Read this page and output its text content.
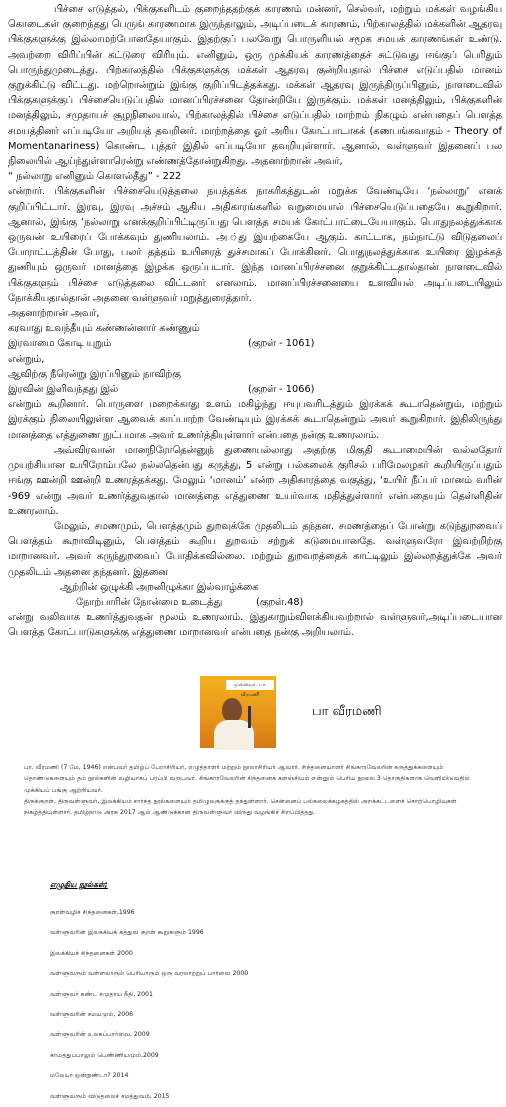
பிச்சை எடுத்தல், பிக்குகளிடம் குறைந்ததற்குக் காரணம் மன்னர், செல்வர், மற்றும் மக்கள் வழங்கிய கொடைகள் குறைந்தது பெருங் காரணமாக இருந்தாலும், அடிப்படைக் காரணம், பிற்காலத்தில் மக்களின் ஆதரவு பிக்குகளுக்கு இல்லாமற்போனதேயாகும். இதற்குப் பலவேறு பொருளியல் சமூக சமயக் காரணங்கள் உண்டு. அவற்றை விரிப்பின் கட்டுரை விரியும். எனினும், ஒரு முக்கியக் காரணத்தைச் சுட்டுவது ஈங்குப் பெரிதும் பொருந்துமுடைத்து. பிற்காலத்தில் பிக்குகளுக்கு மக்கள் ஆதரவு குன்றியதால் பிச்சை எடுப்பதில் மானம் குறுக்கிட்டு விட்டது. மற்றொன்றும் இங்கு குறிப்பிடத்தக்கது. மக்கள் ஆதரவு இருந்திருப்பினும், நாளடைவில் பிக்குகளுக்குப் பிச்சையெடுப்பதில் மானப்பிரச்சனை தோன்றியே இருக்கும். மக்கள் மனத்திலும், பிக்குகளின் மனத்திலும், சமுதாயச் சூழநிலையால், பிற்காலத்தில் பிச்சை எடுப்பதில் மாற்றம் நிகழும் என்பதைப் பௌத்த சமயத்தினர் எப்படியோ அறியத் தவறினர். மாற்றத்தை ஓர் அரிய கோட்பாடாகக் (கணபங்கவாதம் - Theory of Momentanariness) கொண்ட புத்தர் இதில் எப்படியோ தவறியுள்ளார். ஆனால், வள்ளுவர் இதனைப் பல நிலையில் ஆய்ந்துள்ளாரென்று எண்ணத்தோன்றுகிறது. அதனாற்றான் அவர்,

“ நல்லாறு எனினும் கொளல்தீது” - 222

என்றார். பிக்குகளின் பிச்சையெடுத்தலை நயத்தக்க நாகரிகத்துடன் மறுக்க வேண்டியே ‘நல்லாறு’ எனக் குறிப்பிட்டார். இரவு, இரவு அச்சம் ஆகிய அதிகாரங்களில் வறுமையால் பிச்சையெடுப்பதையே கூறுகிறார். ஆனால், இங்கு ‘நல்லாறு எனக்குறிப்பிட்டிருப்பது பௌத்த சமயக் கோட்பாட்டையேயாகும். பொதுநலத்துக்காக ஒருவன் உயிரைப் போக்கவும் துணியலாம். அ.்து இயற்கையே ஆகும். காட்டாக, நம்நாட்டு விடுதலைப் போராட்டத்தின் போது, பலர் தத்தம் உயிரைத் துச்சமாகப் போக்கினர். பொதுநலத்துக்காக உயிரை இழக்கத் துணியும் ஒருவர் மானத்தை இழக்க ஒருப்படார். இந்த மானப்பிரச்சனை குறுக்கிட்டதால்தான் நாளடைவில் பிக்குகளும் பிச்சை எடுத்தலை விட்டனர் எனலாம். மானப்பிரச்சனையை உளவியல் அடிப்படையிலும் நோக்கியதால்தான் அதனை வள்ளுவர் மறுத்துரைத்தார்.

அதனாற்றான் அவர்,

கரவாது உவந்தீயும் கண்ணன்னார் கண்ணும்

இரவாமை கோடி யுறும்	(குறள் - 1061)

என்றும்,

ஆவிற்கு நீரென்று இரப்பினும் நாவிற்கு

இரவின் இளிவந்தது இல்	(குறள் - 1066)

என்றும் கூறினார். பொருளை மறைக்காது உளம் மகிழ்ந்து ஈயுபவரிடத்தும் இரக்கக் கூடாதென்றும், மற்றும் இரக்கும் நிலையிலுள்ள ஆவைக் காப்பாற்ற வேண்டியும் இரக்கக் கூடாதென்றும் அவர் கூறுகிறார். இதிலிருந்து மானத்தை எத்துணை நுட்பமாக அவர் உணர்த்தியுள்ளார் என்பதை நன்கு உணரலாம்.

அவ்விரவான் மானநிரோதென்னுந் துணையல்லாது அதற்கு மிகுதி கூடாமையின் வல்லதோர் முயற்சியான உயிரோம்பலே நல்லதென்பது கருத்து, 5 என்று பல்கலைக் குரிசல் பரிமேலழகர் கூறியிருப்பதும் ஈங்கு ஊன்றி ஊன்றி உணரத்தக்கது. மேலும் ‘மானம்’ என்ற அதிகாரத்தை வகுத்து, ‘உயிர் நீப்பர் மானம் வரின் -969 என்று அவர் உணர்த்துவதால் மானத்தை எத்துணை உயர்வாக மதித்துள்ளார் என்பதையும் தெள்ளிதின் உணரலாம்.

மேலும், சமணமும், பௌத்தமும் துறவுக்கே முதலிடம் தந்தன. சமணத்தைப் போன்று கடுந்துறவைப் பௌத்தம் கூறாவிடினும், பௌத்தம் கூறிய துறவம் சற்றுக் கடுமையானதே. வள்ளுவரோ இவற்றிற்கு மாறானவர். அவர் கருந்துறவைப் போதிக்கவில்லை. மற்றும் துறவறத்தைக் காட்டிலும் இல்லறத்துக்கே அவர் முதலிடம் அதனை தந்தனர். இதனை

ஆற்றின் ஒழுக்கி அறனிழுக்கா இல்வாழ்க்கை

நோற்பாரின் நோன்மை உடைத்து	(குறள்.48)

என்று வலிவாக உணர்த்துவதன் மூலம் உணரலாம். இதுகாறும்விளக்கியவற்றால் வள்ளுவர்,அடிப்படையான பௌத்த கோட்பாடுகளுக்கு எத்துணை மாறானவர் என்பதை நன்கு அறியலாம்.

முனைவர். பா. வீரமணி
பா வீரமணி

பா. வீரமணி (7 மே, 1946) என்பவர் தமிழ்ப் பேராசிரியர், எழுத்தாளர் மற்றும் நூலாசிரியர் ஆவார். சிந்தனையாளர் சிங்காரவேலரின் கருத்துக்களையும் தொண்டுகளையும் தம் நூல்களின் வழியாகப் பரப்பி வருபவர். சிங்காரவேலரின் சிந்தனைக் களஞ்சியம் என்னும் பெரிய நூலை 3 தொகுதிகளாக வெளியிடுவதில் முக்கியப் பங்கு ஆற்றியவர்.

திருக்குறள், திருவள்ளுவர், இலக்கியம் சார்ந்த நூல்களையும் தமிழுலகுக்குத் தந்துள்ளார். சென்னைப் பல்கலைக்கழகத்தில் அறக்கட்டளைச் சொற்பொழிவுகள் நிகழ்த்தியுள்ளார். தமிழ்நாடு அரசு 2017 ஆம் ஆண்டுக்கான திருவள்ளுவர் விருது வழங்கிச் சிறப்பித்தது.

எழுதிய நூல்கள்;
குறள்வழிச் சிந்தனைகள்,1996
வள்ளுவரின் இலக்கியக் கத்துவ குறள் கூறுகளும் 1996
இலக்கியச் சிந்தனைகள் 2000
வள்ளுவரும் வள்ளலாரும் பெரியாரும் ஒரு வரலாற்றுப் பார்வை 2000
வள்ளுவர் கண்ட சமுதாய நீதி, 2001
வள்ளுவரின் சமயமும், 2006
வள்ளுவரின் உலகப்பார்வை, 2009
காமத்துப்பாலும் பெண்ணியமும்,2009
மலேயா ஒன்றுண்டா? 2014
வள்ளுவரும் விடுதலைச் சமத்துவம், 2015
